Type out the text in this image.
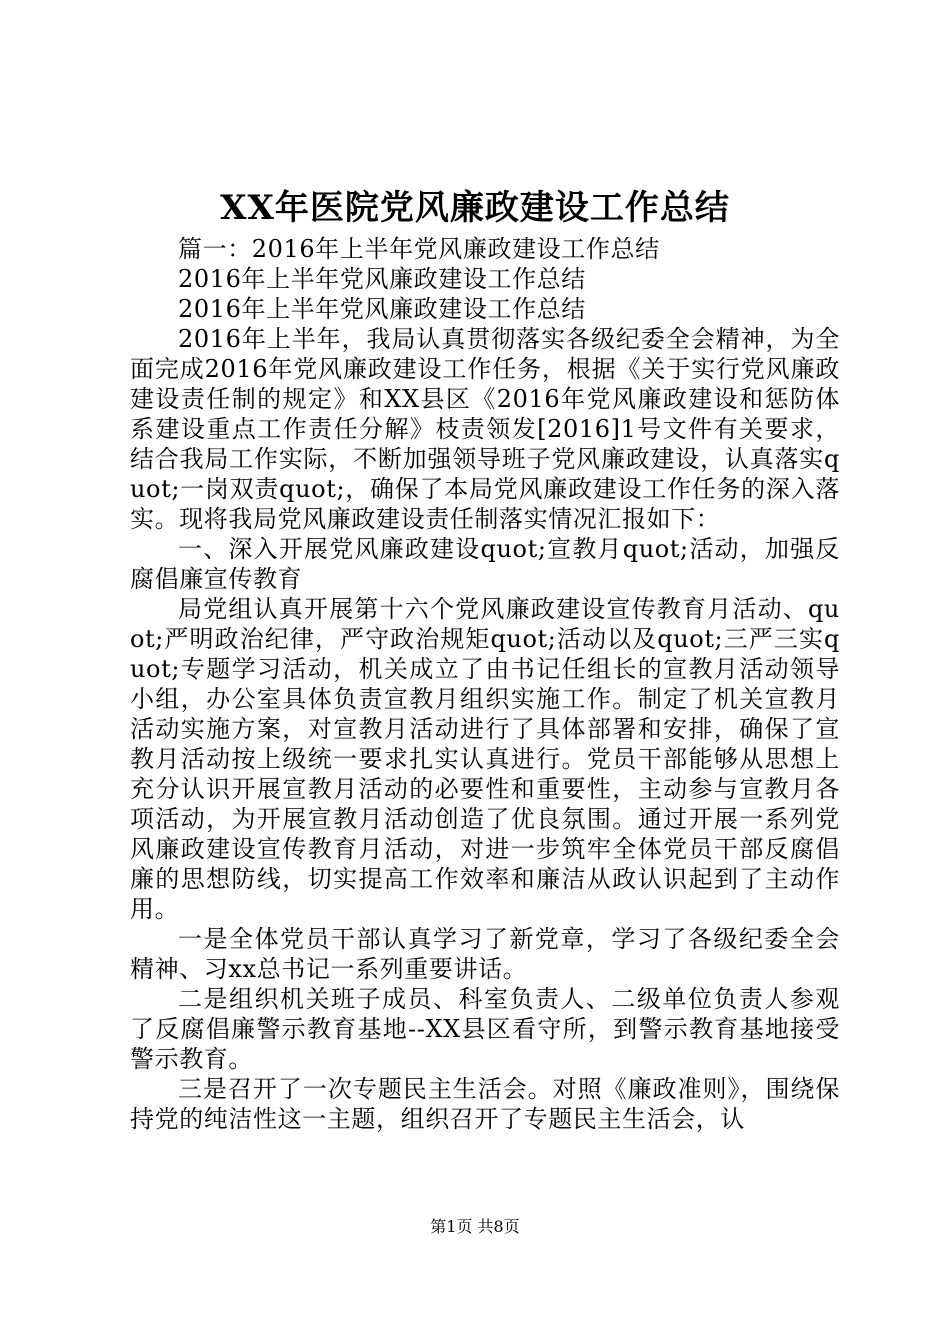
XX年医院党风廉政建设工作总结

篇一：2016年上半年党风廉政建设工作总结

2016年上半年党风廉政建设工作总结

2016年上半年党风廉政建设工作总结

2016年上半年，我局认真贯彻落实各级纪委全会精神，为全面完成2016年党风廉政建设工作任务，根据《关于实行党风廉政建设责任制的规定》和XX县区《2016年党风廉政建设和惩防体系建设重点工作责任分解》枝责领发[2016]1号文件有关要求，结合我局工作实际，不断加强领导班子党风廉政建设，认真落实quot;一岗双责quot;，确保了本局党风廉政建设工作任务的深入落实。现将我局党风廉政建设责任制落实情况汇报如下：

一、深入开展党风廉政建设quot;宣教月quot;活动，加强反腐倡廉宣传教育

局党组认真开展第十六个党风廉政建设宣传教育月活动、quot;严明政治纪律，严守政治规矩quot;活动以及quot;三严三实quot;专题学习活动，机关成立了由书记任组长的宣教月活动领导小组，办公室具体负责宣教月组织实施工作。制定了机关宣教月活动实施方案，对宣教月活动进行了具体部署和安排，确保了宣教月活动按上级统一要求扎实认真进行。党员干部能够从思想上充分认识开展宣教月活动的必要性和重要性，主动参与宣教月各项活动，为开展宣教月活动创造了优良氛围。通过开展一系列党风廉政建设宣传教育月活动，对进一步筑牢全体党员干部反腐倡廉的思想防线，切实提高工作效率和廉洁从政认识起到了主动作用。

一是全体党员干部认真学习了新党章，学习了各级纪委全会精神、习xx总书记一系列重要讲话。

二是组织机关班子成员、科室负责人、二级单位负责人参观了反腐倡廉警示教育基地--XX县区看守所，到警示教育基地接受警示教育。

三是召开了一次专题民主生活会。对照《廉政准则》，围绕保持党的纯洁性这一主题，组织召开了专题民主生活会，认

第1页 共8页
